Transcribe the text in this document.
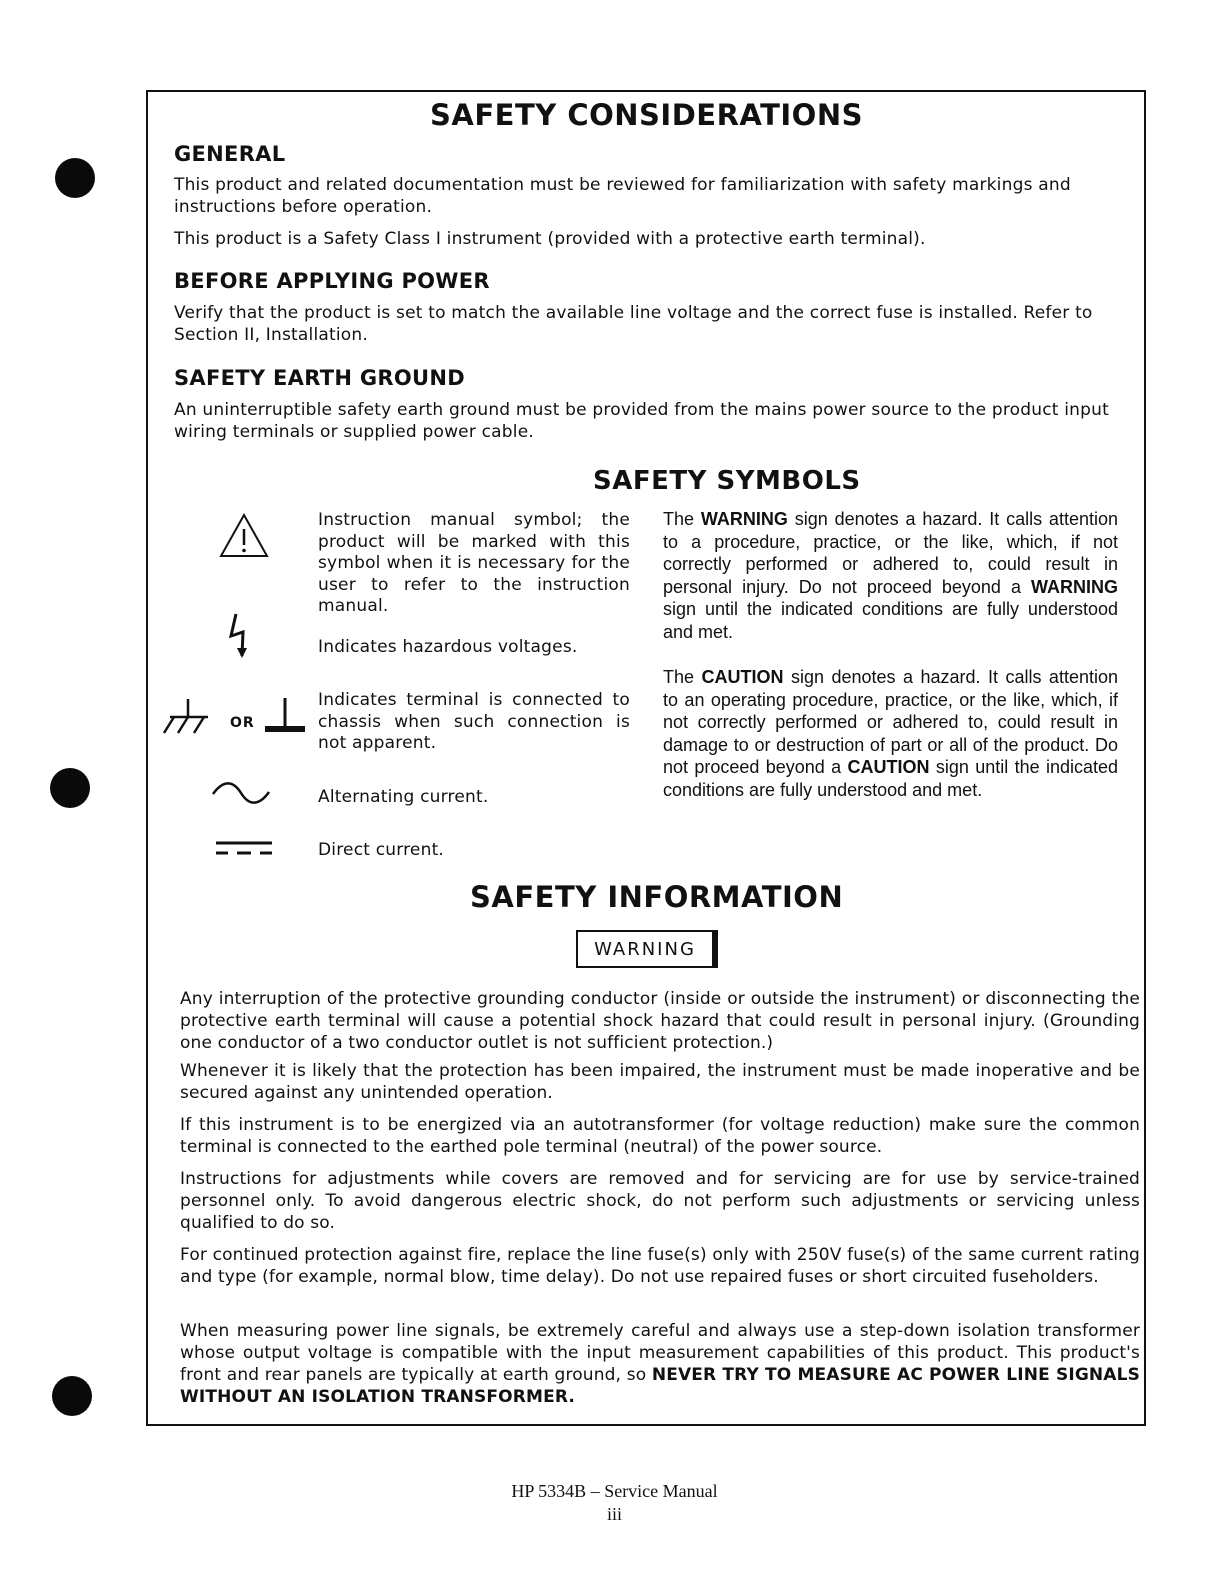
SAFETY CONSIDERATIONS
GENERAL

This product and related documentation must be reviewed for familiarization with safety markings and instructions before operation.

This product is a Safety Class I instrument (provided with a protective earth terminal).

BEFORE APPLYING POWER

Verify that the product is set to match the available line voltage and the correct fuse is installed. Refer to Section II, Installation.

SAFETY EARTH GROUND

An uninterruptible safety earth ground must be provided from the mains power source to the product input wiring terminals or supplied power cable.

SAFETY SYMBOLS
OR

Instruction manual symbol; the product will be marked with this symbol when it is necessary for the user to refer to the instruction manual.

Indicates hazardous voltages.

Indicates terminal is connected to chassis when such connection is not apparent.

Alternating current.

Direct current.

The WARNING sign denotes a hazard. It calls attention to a procedure, practice, or the like, which, if not correctly performed or adhered to, could result in personal injury. Do not proceed beyond a WARNING sign until the indicated conditions are fully understood and met.

The CAUTION sign denotes a hazard. It calls attention to an operating procedure, practice, or the like, which, if not correctly performed or adhered to, could result in damage to or destruction of part or all of the product. Do not proceed beyond a CAUTION sign until the indicated conditions are fully understood and met.

SAFETY INFORMATION
WARNING

Any interruption of the protective grounding conductor (inside or outside the instrument) or disconnecting the protective earth terminal will cause a potential shock hazard that could result in personal injury. (Grounding one conductor of a two conductor outlet is not sufficient protection.)

Whenever it is likely that the protection has been impaired, the instrument must be made inoperative and be secured against any unintended operation.

If this instrument is to be energized via an autotransformer (for voltage reduction) make sure the common terminal is connected to the earthed pole terminal (neutral) of the power source.

Instructions for adjustments while covers are removed and for servicing are for use by service-trained personnel only. To avoid dangerous electric shock, do not perform such adjustments or servicing unless qualified to do so.

For continued protection against fire, replace the line fuse(s) only with 250V fuse(s) of the same current rating and type (for example, normal blow, time delay). Do not use repaired fuses or short circuited fuseholders.

When measuring power line signals, be extremely careful and always use a step-down isolation transformer whose output voltage is compatible with the input measurement capabilities of this product. This product's front and rear panels are typically at earth ground, so NEVER TRY TO MEASURE AC POWER LINE SIGNALS WITHOUT AN ISOLATION TRANSFORMER.

HP 5334B – Service Manual
iii
